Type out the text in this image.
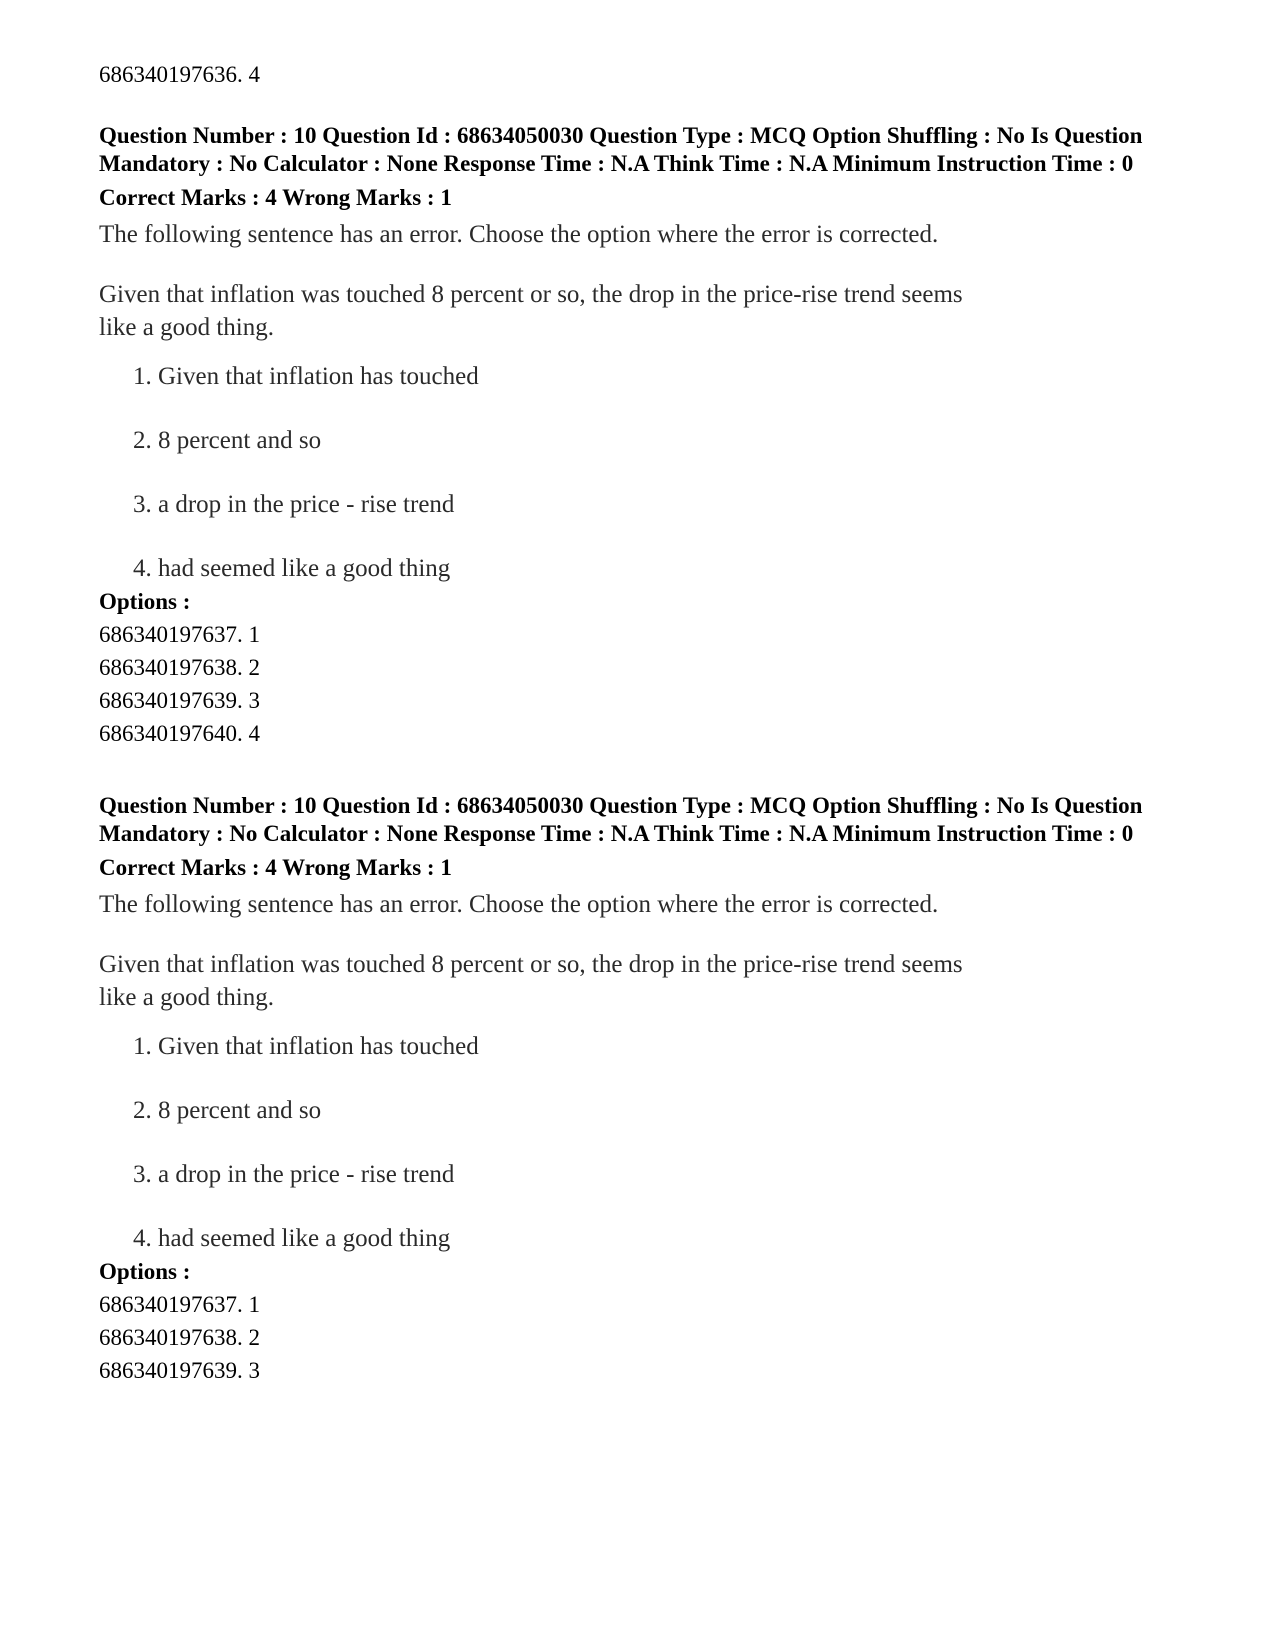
686340197636. 4
Question Number : 10 Question Id : 68634050030 Question Type : MCQ Option Shuffling : No Is Question Mandatory : No Calculator : None Response Time : N.A Think Time : N.A Minimum Instruction Time : 0
Correct Marks : 4 Wrong Marks : 1
The following sentence has an error. Choose the option where the error is corrected.
Given that inflation was touched 8 percent or so, the drop in the price-rise trend seems like a good thing.
1. Given that inflation has touched
2. 8 percent and so
3. a drop in the price - rise trend
4. had seemed like a good thing
Options :
686340197637. 1
686340197638. 2
686340197639. 3
686340197640. 4
Question Number : 10 Question Id : 68634050030 Question Type : MCQ Option Shuffling : No Is Question Mandatory : No Calculator : None Response Time : N.A Think Time : N.A Minimum Instruction Time : 0
Correct Marks : 4 Wrong Marks : 1
The following sentence has an error. Choose the option where the error is corrected.
Given that inflation was touched 8 percent or so, the drop in the price-rise trend seems like a good thing.
1. Given that inflation has touched
2. 8 percent and so
3. a drop in the price - rise trend
4. had seemed like a good thing
Options :
686340197637. 1
686340197638. 2
686340197639. 3
